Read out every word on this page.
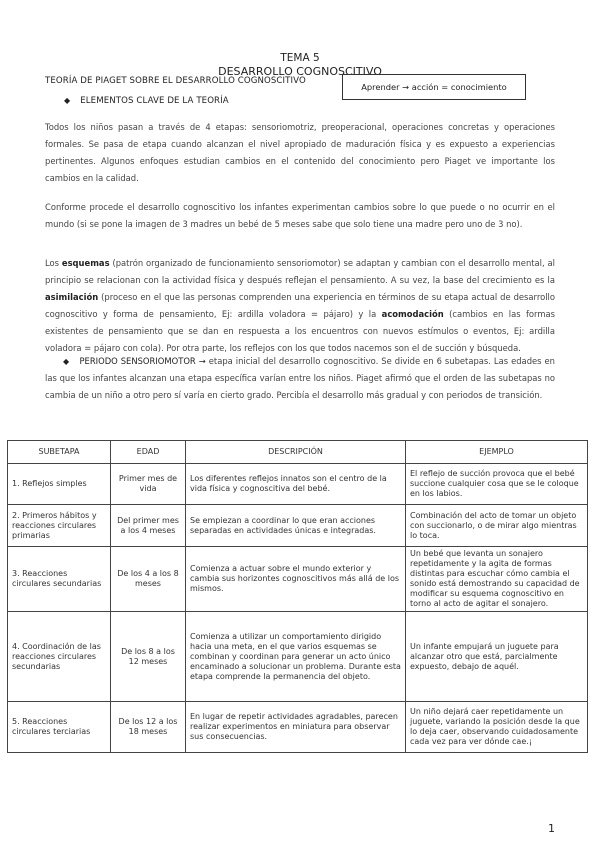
TEMA 5
DESARROLLO COGNOSCITIVO
TEORÍA DE PIAGET SOBRE EL DESARROLLO COGNOSCITIVO
Aprender → acción = conocimiento
◆ ELEMENTOS CLAVE DE LA TEORÍA
Todos los niños pasan a través de 4 etapas: sensoriomotriz, preoperacional, operaciones concretas y operaciones formales. Se pasa de etapa cuando alcanzan el nivel apropiado de maduración física y es expuesto a experiencias pertinentes. Algunos enfoques estudian cambios en el contenido del conocimiento pero Piaget ve importante los cambios en la calidad.
Conforme procede el desarrollo cognoscitivo los infantes experimentan cambios sobre lo que puede o no ocurrir en el mundo (si se pone la imagen de 3 madres un bebé de 5 meses sabe que solo tiene una madre pero uno de 3 no).
Los esquemas (patrón organizado de funcionamiento sensoriomotor) se adaptan y cambian con el desarrollo mental, al principio se relacionan con la actividad física y después reflejan el pensamiento. A su vez, la base del crecimiento es la asimilación (proceso en el que las personas comprenden una experiencia en términos de su etapa actual de desarrollo cognoscitivo y forma de pensamiento, Ej: ardilla voladora = pájaro) y la acomodación (cambios en las formas existentes de pensamiento que se dan en respuesta a los encuentros con nuevos estímulos o eventos, Ej: ardilla voladora = pájaro con cola). Por otra parte, los reflejos con los que todos nacemos son el de succión y búsqueda.
◆ PERIODO SENSORIOMOTOR → etapa inicial del desarrollo cognoscitivo. Se divide en 6 subetapas. Las edades en las que los infantes alcanzan una etapa específica varían entre los niños. Piaget afirmó que el orden de las subetapas no cambia de un niño a otro pero sí varía en cierto grado. Percibía el desarrollo más gradual y con periodos de transición.
SUBETAPA	EDAD	DESCRIPCIÓN	EJEMPLO
1. Reflejos simples	Primer mes de vida	Los diferentes reflejos innatos son el centro de la vida física y cognoscitiva del bebé.	El reflejo de succión provoca que el bebé succione cualquier cosa que se le coloque en los labios.
2. Primeros hábitos y reacciones circulares primarias	Del primer mes a los 4 meses	Se empiezan a coordinar lo que eran acciones separadas en actividades únicas e integradas.	Combinación del acto de tomar un objeto con succionarlo, o de mirar algo mientras lo toca.
3. Reacciones circulares secundarias	De los 4 a los 8 meses	Comienza a actuar sobre el mundo exterior y cambia sus horizontes cognoscitivos más allá de los mismos.	Un bebé que levanta un sonajero repetidamente y la agita de formas distintas para escuchar cómo cambia el sonido está demostrando su capacidad de modificar su esquema cognoscitivo en torno al acto de agitar el sonajero.
4. Coordinación de las reacciones circulares secundarias	De los 8 a los 12 meses	Comienza a utilizar un comportamiento dirigido hacia una meta, en el que varios esquemas se combinan y coordinan para generar un acto único encaminado a solucionar un problema. Durante esta etapa comprende la permanencia del objeto.	Un infante empujará un juguete para alcanzar otro que está, parcialmente expuesto, debajo de aquél.
5. Reacciones circulares terciarias	De los 12 a los 18 meses	En lugar de repetir actividades agradables, parecen realizar experimentos en miniatura para observar sus consecuencias.	Un niño dejará caer repetidamente un juguete, variando la posición desde la que lo deja caer, observando cuidadosamente cada vez para ver dónde cae.¡
1
